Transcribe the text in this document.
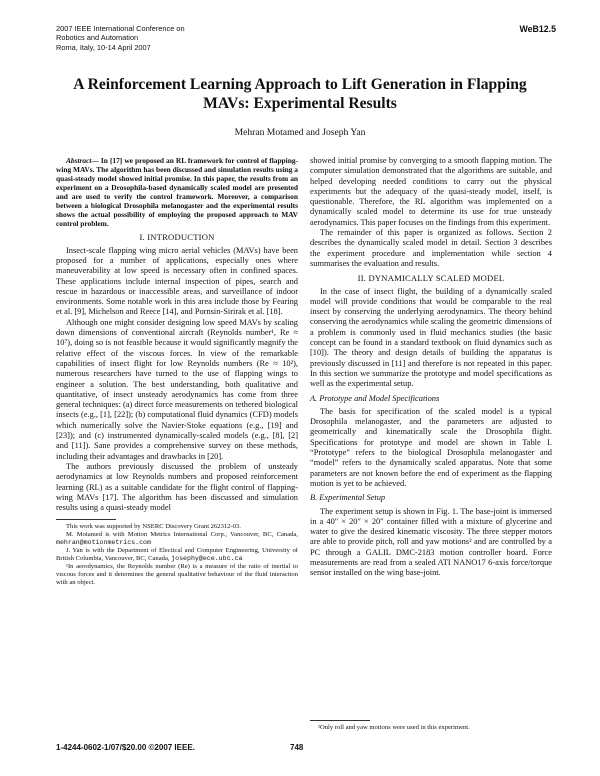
2007 IEEE International Conference on
Robotics and Automation
Roma, Italy, 10-14 April 2007
WeB12.5
A Reinforcement Learning Approach to Lift Generation in Flapping
MAVs: Experimental Results
Mehran Motamed and Joseph Yan

Abstract— In [17] we proposed an RL framework for control of flapping-wing MAVs. The algorithm has been discussed and simulation results using a quasi-steady model showed initial promise. In this paper, the results from an experiment on a Drosophila-based dynamically scaled model are presented and are used to verify the control framework. Moreover, a comparison between a biological Drosophila melanogaster and the experimental results shows the actual possibility of employing the proposed approach to MAV control problem.

I. INTRODUCTION

Insect-scale flapping wing micro aerial vehicles (MAVs) have been proposed for a number of applications, especially ones where maneuverability at low speed is necessary often in confined spaces. These applications include internal inspection of pipes, search and rescue in hazardous or inaccessible areas, and surveillance of indoor environments. Some notable work in this area include those by Fearing et al. [9], Michelson and Reece [14], and Pornsin-Sirirak et al. [18].

Although one might consider designing low speed MAVs by scaling down dimensions of conventional aircraft (Reynolds number¹, Re ≈ 10⁷), doing so is not feasible because it would significantly magnify the relative effect of the viscous forces. In view of the remarkable capabilities of insect flight for low Reynolds numbers (Re ≈ 10²), numerous researchers have turned to the use of flapping wings to engineer a solution. The best understanding, both qualitative and quantitative, of insect unsteady aerodynamics has come from three general techniques: (a) direct force measurements on tethered biological insects (e.g., [1], [22]); (b) computational fluid dynamics (CFD) models which numerically solve the Navier-Stoke equations (e.g., [19] and [23]); and (c) instrumented dynamically-scaled models (e.g., [8], [2] and [11]). Sane provides a comprehensive survey on these methods, including their advantages and drawbacks in [20].

The authors previously discussed the problem of unsteady aerodynamics at low Reynolds numbers and proposed reinforcement learning (RL) as a suitable candidate for the flight control of flapping-wing MAVs [17]. The algorithm has been discussed and simulation results using a quasi-steady model

This work was supported by NSERC Discovery Grant 262312-03.

M. Motamed is with Motion Metrics International Corp., Vancouver, BC, Canada, mehran@motionmetrics.com

J. Yan is with the Department of Electical and Computer Engineering, University of British Columbia, Vancouver, BC, Canada, josephy@ece.ubc.ca

¹In aerodynamics, the Reynolds number (Re) is a measure of the ratio of inertial to viscous forces and it determines the general qualitative behaviour of the fluid interaction with an object.

showed initial promise by converging to a smooth flapping motion. The computer simulation demonstrated that the algorithms are suitable, and helped developing needed conditions to carry out the physical experiments but the adequacy of the quasi-steady model, itself, is questionable. Therefore, the RL algorithm was implemented on a dynamically scaled model to determine its use for true unsteady aerodynamics. This paper focuses on the findings from this experiment.

The remainder of this paper is organized as follows. Section 2 describes the dynamically scaled model in detail. Section 3 describes the experiment procedure and implementation while section 4 summarises the evaluation and results.

II. DYNAMICALLY SCALED MODEL

In the case of insect flight, the building of a dynamically scaled model will provide conditions that would be comparable to the real insect by conserving the underlying aerodynamics. The theory behind conserving the aerodynamics while scaling the geometric dimensions of a problem is commonly used in fluid mechanics studies (the basic concept can be found in a standard textbook on fluid dynamics such as [10]). The theory and design details of building the apparatus is previously discussed in [11] and therefore is not repeated in this paper. In this section we summarize the prototype and model specifications as well as the experimental setup.

A. Prototype and Model Specifications

The basis for specification of the scaled model is a typical Drosophila melanogaster, and the parameters are adjusted to geometrically and kinematically scale the Drosophila flight. Specifications for prototype and model are shown in Table I. “Prototype” refers to the biological Drosophila melanogaster and “model” refers to the dynamically scaled apparatus. Note that some parameters are not known before the end of experiment as the flapping motion is yet to be achieved.

B. Experimental Setup

The experiment setup is shown in Fig. 1. The base-joint is immersed in a 40″ × 20″ × 20″ container filled with a mixture of glycerine and water to give the desired kinematic viscosity. The three stepper motors are able to provide pitch, roll and yaw motions² and are controlled by a PC through a GALIL DMC-2183 motion controller board. Force measurements are read from a sealed ATI NANO17 6-axis force/torque sensor installed on the wing base-joint.

²Only roll and yaw motions were used in this experiment.

1-4244-0602-1/07/$20.00 ©2007 IEEE.	748
